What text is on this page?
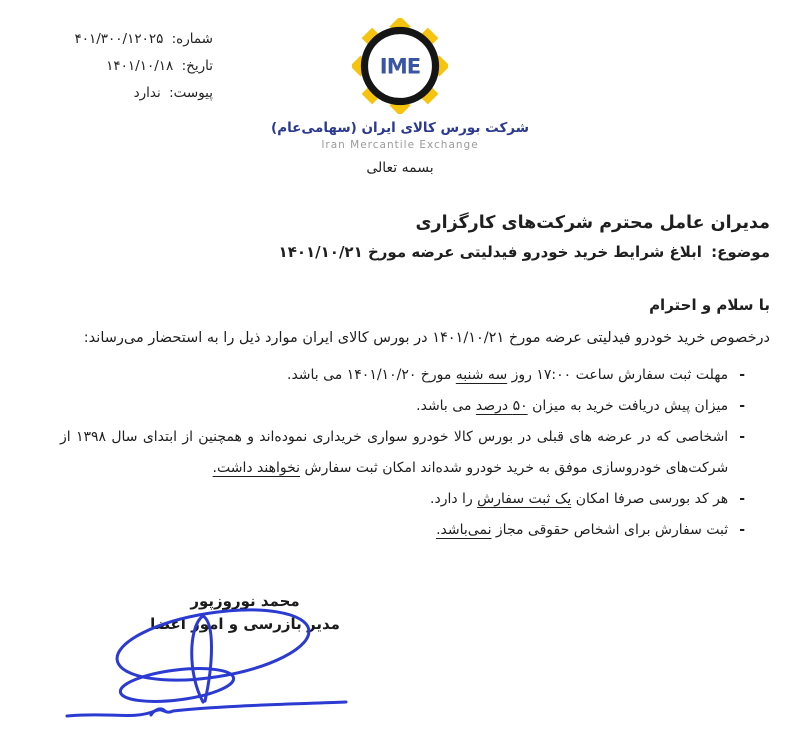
شماره: ۴۰۱/۳۰۰/۱۲۰۲۵
تاریخ: ۱۴۰۱/۱۰/۱۸
پیوست: ندارد
IME
شرکت بورس کالای ایران (سهامی‌عام)
Iran Mercantile Exchange
بسمه تعالی
مدیران عامل محترم شرکت‌های کارگزاری
موضوع: ابلاغ شرایط خرید خودرو فیدلیتی عرضه مورخ ۱۴۰۱/۱۰/۲۱
با سلام و احترام
درخصوص خرید خودرو فیدلیتی عرضه مورخ ۱۴۰۱/۱۰/۲۱ در بورس کالای ایران موارد ذیل را به استحضار می‌رساند:
-
مهلت ثبت سفارش ساعت ۱۷:۰۰ روز سه شنبه مورخ ۱۴۰۱/۱۰/۲۰ می باشد.
-
میزان پیش دریافت خرید به میزان ۵۰ درصد می باشد.
-
اشخاصی که در عرضه های قبلی در بورس کالا خودرو سواری خریداری نموده‌اند و همچنین از ابتدای سال ۱۳۹۸ از شرکت‌های خودروسازی موفق به خرید خودرو شده‌اند امکان ثبت سفارش نخواهند داشت.
-
هر کد بورسی صرفا امکان یک ثبت سفارش را دارد.
-
ثبت سفارش برای اشخاص حقوقی مجاز نمی‌باشد.
محمد نوروزپور
مدیر بازرسی و امور اعضا
